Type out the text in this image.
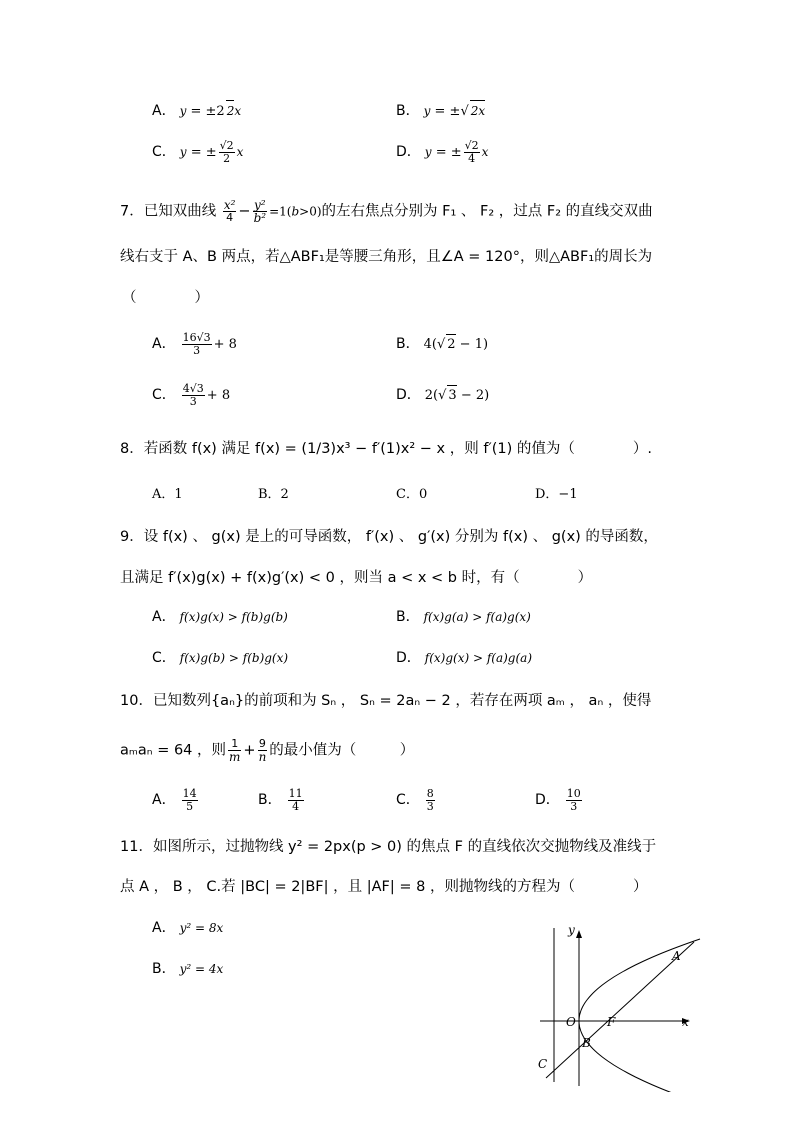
A． y = ±2 2x	B． y = ± √ 2x
C． y = ± √ $\frac{2}{2}$ x	D． y = ± √ $\frac{2}{4}$ x
7．已知双曲线 $\frac{\text{x²}}{4} - \frac{\text{y²}}{\text{b²}} =1(b>0)$的左右焦点分别为 F₁ 、 F₂ ，过点 F₂ 的直线交双曲
线右支于 A、B 两点，若△ABF₁是等腰三角形，且∠A = 120°，则△ABF₁的周长为
（　　　　）
A． $\frac{16 √ 3}{3} + 8$	B． 4( √ 2 − 1)
C． $\frac{4 √ 3}{3} + 8$	D． 2( √ 3 − 2)
8．若函数 f(x) 满足 f(x) = (1/3)x³ − f′(1)x² − x ，则 f′(1) 的值为（　　　　）.
A．1	B．2	C．0	D．−1
9．设 f(x) 、 g(x) 是上的可导函数， f′(x) 、 g′(x) 分别为 f(x) 、 g(x) 的导函数，
且满足 f′(x)g(x) + f(x)g′(x) < 0 ，则当 a < x < b 时，有（　　　　）
A． f(x)g(x) > f(b)g(b)	B． f(x)g(a) > f(a)g(x)
C． f(x)g(b) > f(b)g(x)	D． f(x)g(x) > f(a)g(a)
10．已知数列{aₙ}的前项和为 Sₙ ， Sₙ = 2aₙ − 2 ，若存在两项 aₘ ， aₙ ，使得
aₘaₙ = 64 ，则 $\frac{1}{m} + \frac{9}{n}$ 的最小值为（　　　）
A． $\frac{14}{5}$	B． $\frac{11}{4}$	C． $\frac{8}{3}$	D． $\frac{10}{3}$
11．如图所示，过抛物线 y² = 2px(p > 0) 的焦点 F 的直线依次交抛物线及准线于
点 A ， B ， C.若 |BC| = 2|BF| ，且 |AF| = 8 ，则抛物线的方程为（　　　　）
A． y² = 8x
B． y² = 4x
y
x
O	F
A
B
C
